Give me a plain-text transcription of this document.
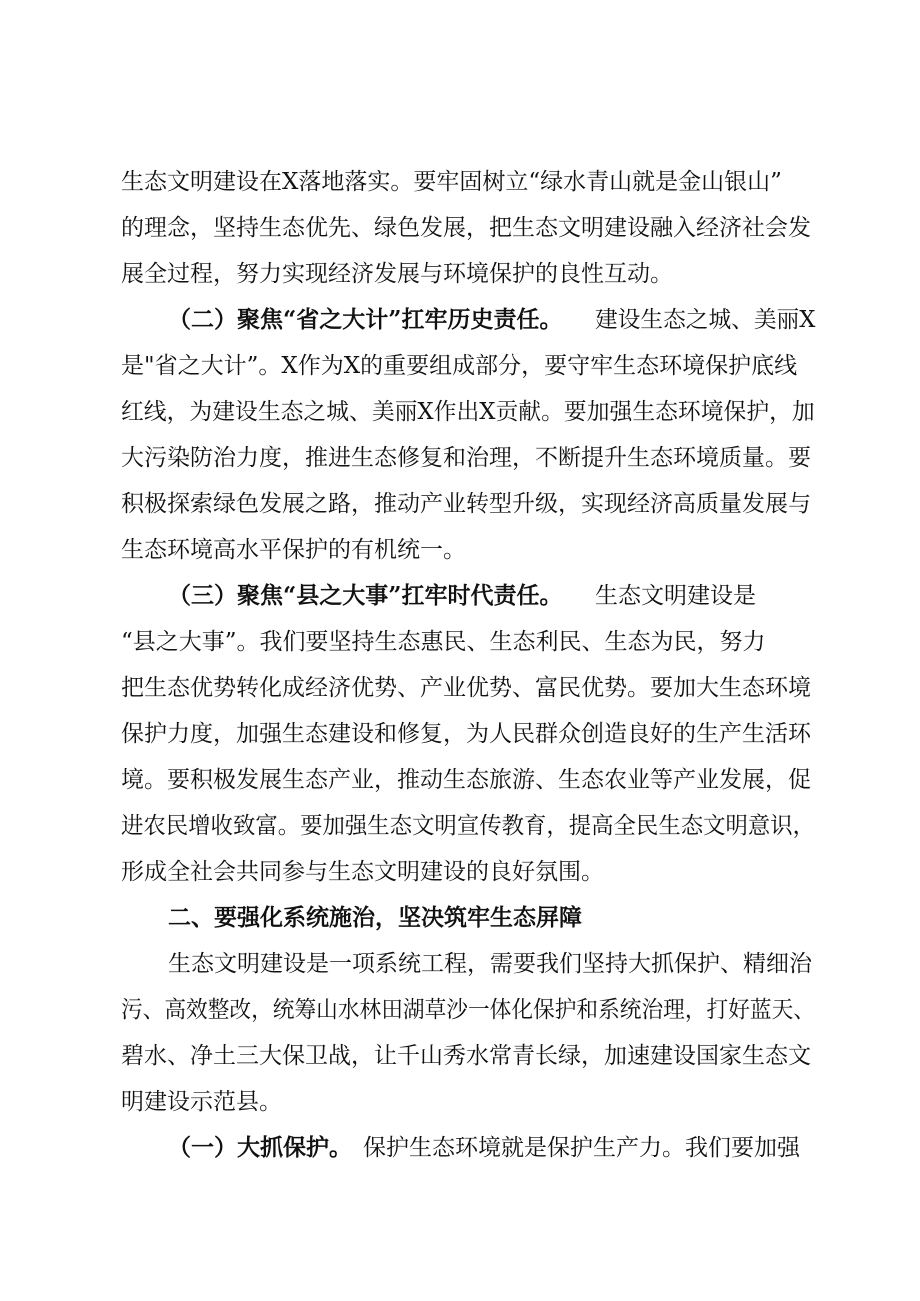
生态文明建设在X落地落实。要牢固树立“绿水青山就是金山银山”
的理念，坚持生态优先、绿色发展，把生态文明建设融入经济社会发
展全过程，努力实现经济发展与环境保护的良性互动。
（二）聚焦“省之大计”扛牢历史责任。 建设生态之城、美丽X
是"省之大计”。X作为X的重要组成部分，要守牢生态环境保护底线
红线，为建设生态之城、美丽X作出X贡献。要加强生态环境保护，加
大污染防治力度，推进生态修复和治理，不断提升生态环境质量。要
积极探索绿色发展之路，推动产业转型升级，实现经济高质量发展与
生态环境高水平保护的有机统一。
（三）聚焦“县之大事”扛牢时代责任。 生态文明建设是
“县之大事”。我们要坚持生态惠民、生态利民、生态为民，努力
把生态优势转化成经济优势、产业优势、富民优势。要加大生态环境
保护力度，加强生态建设和修复，为人民群众创造良好的生产生活环
境。要积极发展生态产业，推动生态旅游、生态农业等产业发展，促
进农民增收致富。要加强生态文明宣传教育，提高全民生态文明意识，
形成全社会共同参与生态文明建设的良好氛围。
二、要强化系统施治，坚决筑牢生态屏障
生态文明建设是一项系统工程，需要我们坚持大抓保护、精细治
污、高效整改，统筹山水林田湖草沙一体化保护和系统治理，打好蓝天、
碧水、净土三大保卫战，让千山秀水常青长绿，加速建设国家生态文
明建设示范县。
（一）大抓保护。 保护生态环境就是保护生产力。我们要加强
